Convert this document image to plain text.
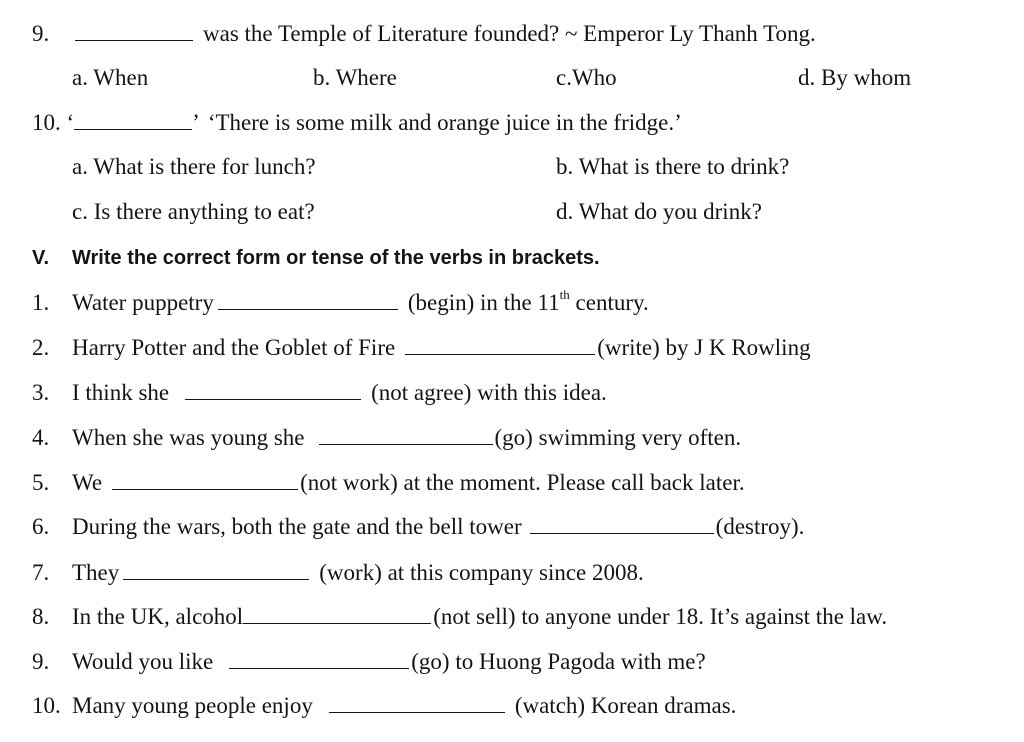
9.	was the Temple of Literature founded? ~ Emperor Ly Thanh Tong.
a. When	b. Where	c.Who	d. By whom
10. ‘	’ ‘There is some milk and orange juice in the fridge.’
a. What is there for lunch?	b. What is there to drink?
c. Is there anything to eat?	d. What do you drink?
V. Write the correct form or tense of the verbs in brackets.
1. Water puppetry	(begin) in the 11th century.
2. Harry Potter and the Goblet of Fire	(write) by J K Rowling
3. I think she	(not agree) with this idea.
4. When she was young she	(go) swimming very often.
5. We	(not work) at the moment. Please call back later.
6. During the wars, both the gate and the bell tower	(destroy).
7. They	(work) at this company since 2008.
8. In the UK, alcohol	(not sell) to anyone under 18. It’s against the law.
9. Would you like	(go) to Huong Pagoda with me?
10. Many young people enjoy	(watch) Korean dramas.
